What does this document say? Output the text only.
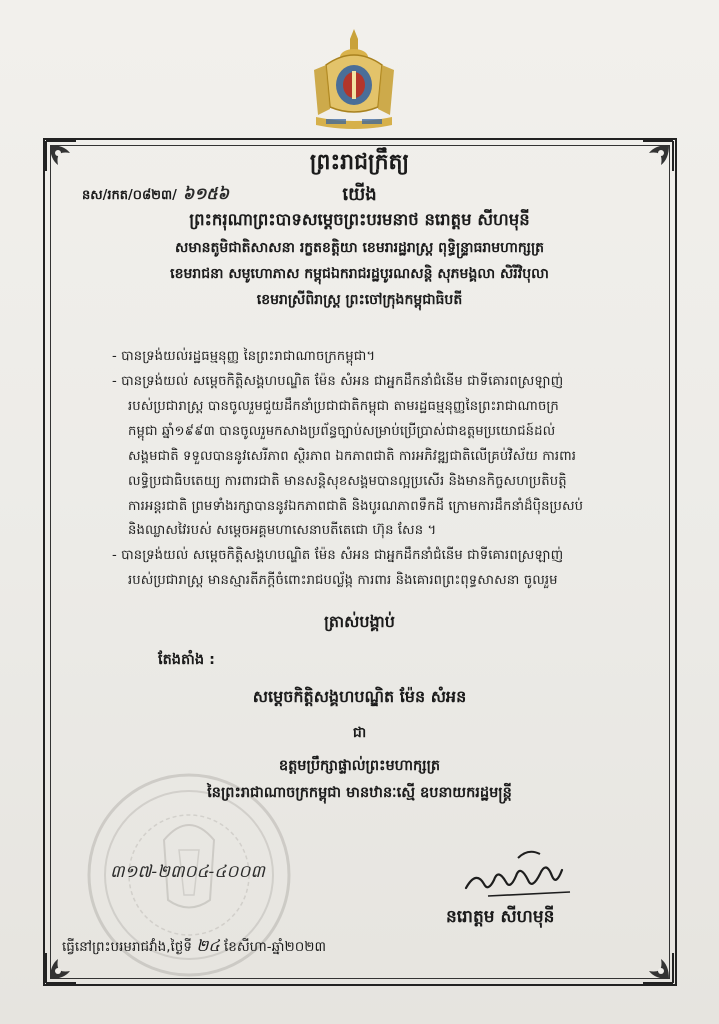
ព្រះរាជក្រឹត្យ
នស/រកត/០៨២៣/ ៦១៥៦	យើង
ព្រះករុណាព្រះបាទសម្ដេចព្រះបរមនាថ នរោត្តម សីហមុនី
សមានតូមិជាតិសាសនា រក្ខតខត្តិយា ខេមរារដ្ឋរាស្ត្រ ពុទ្ធិន្ទ្រាធរាមហាក្សត្រ
ខេមរាជនា សមូហោភាស កម្ពុជឯករាជរដ្ឋបូរណសន្តិ សុភមង្គលា សិរីវិបុលា
ខេមរាស្រីពិរាស្ត្រ ព្រះចៅក្រុងកម្ពុជាធិបតី
- បានទ្រង់យល់រដ្ឋធម្មនុញ្ញ នៃព្រះរាជាណាចក្រកម្ពុជា។
- បានទ្រង់យល់ សម្ដេចកិត្តិសង្គហបណ្ឌិត ម៉ែន សំអន ជាអ្នកដឹកនាំជំនើម ជាទីគោរពស្រឡាញ់
របស់ប្រជារាស្ត្រ បានចូលរួមជួយដឹកនាំប្រជាជាតិកម្ពុជា តាមរដ្ឋធម្មនុញ្ញនៃព្រះរាជាណាចក្រ
កម្ពុជា ឆ្នាំ១៩៩៣ បានចូលរួមកសាងប្រព័ន្ធច្បាប់សម្រាប់ប្រើប្រាស់ជាឧត្តមប្រយោជន៍ដល់
សង្គមជាតិ ទទួលបាននូវសេរីភាព ស្ថិរភាព ឯកភាពជាតិ ការអភិវឌ្ឍជាតិលើគ្រប់វិស័យ ការពារ
លទ្ធិប្រជាធិបតេយ្យ ការពារជាតិ មានសន្តិសុខសង្គមបានល្អប្រសើរ និងមានកិច្ចសហប្រតិបត្តិ
ការអន្តរជាតិ ព្រមទាំងរក្សាបាននូវឯកភាពជាតិ និងបូរណភាពទឹកដី ក្រោមការដឹកនាំដ៏ប៉ិនប្រសប់
និងឈ្លាសវៃរបស់ សម្ដេចអគ្គមហាសេនាបតីតេជោ ហ៊ុន សែន ។
- បានទ្រង់យល់ សម្ដេចកិត្តិសង្គហបណ្ឌិត ម៉ែន សំអន ជាអ្នកដឹកនាំជំនើម ជាទីគោរពស្រឡាញ់
របស់ប្រជារាស្ត្រ មានស្មារតីភក្ដីចំពោះរាជបល្ល័ង្ក ការពារ និងគោរពព្រះពុទ្ធសាសនា ចូលរួម
ត្រាស់បង្គាប់
តែងតាំង :
សម្ដេចកិត្តិសង្គហបណ្ឌិត ម៉ែន សំអន
ជា
ឧត្តមប្រឹក្សាផ្ទាល់ព្រះមហាក្សត្រ
នៃព្រះរាជាណាចក្រកម្ពុជា មានឋានៈស្មើ ឧបនាយករដ្ឋមន្ត្រី
៣១៧-២៣០៤-៤០០៣
នរោត្តម សីហមុនី
ធ្វើនៅព្រះបរមរាជវាំង,ថ្ងៃទី ២៤ ខែសីហា-ឆ្នាំ២០២៣
